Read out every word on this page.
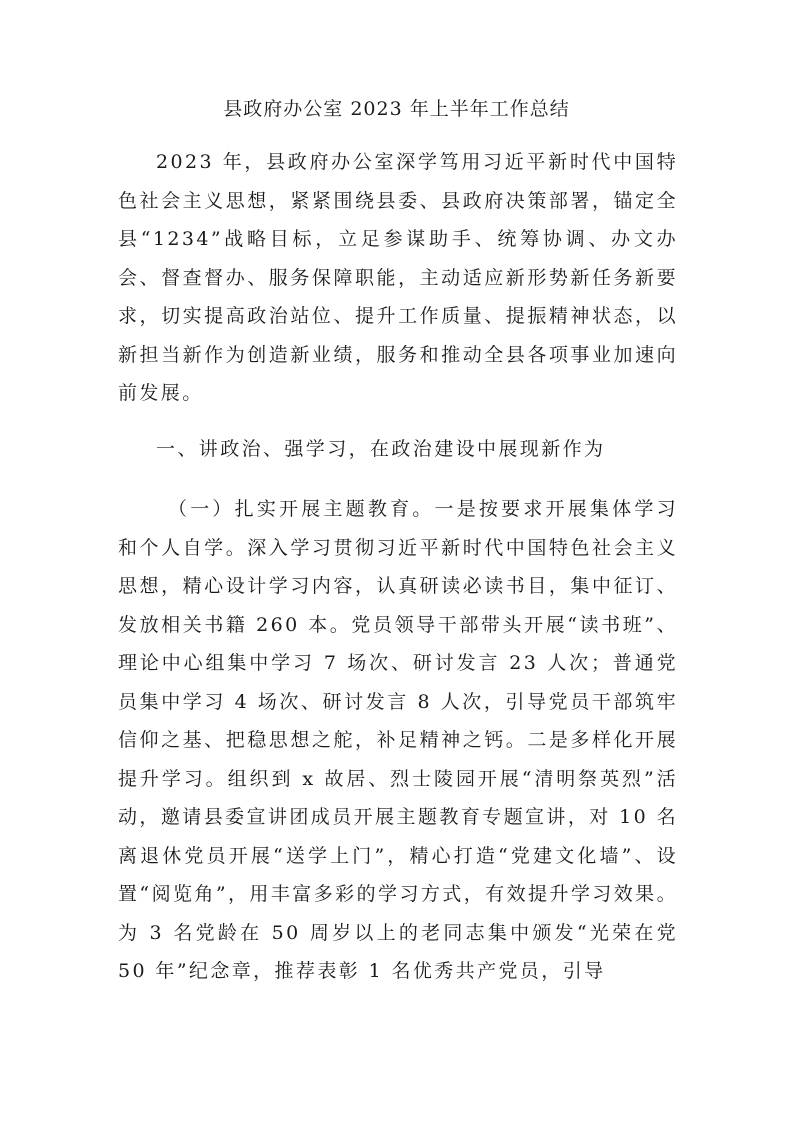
县政府办公室 2023 年上半年工作总结

2023 年，县政府办公室深学笃用习近平新时代中国特色社会主义思想，紧紧围绕县委、县政府决策部署，锚定全县“1234”战略目标，立足参谋助手、统筹协调、办文办会、督查督办、服务保障职能，主动适应新形势新任务新要求，切实提高政治站位、提升工作质量、提振精神状态，以新担当新作为创造新业绩，服务和推动全县各项事业加速向前发展。

一、讲政治、强学习，在政治建设中展现新作为

（一）扎实开展主题教育。一是按要求开展集体学习和个人自学。深入学习贯彻习近平新时代中国特色社会主义思想，精心设计学习内容，认真研读必读书目，集中征订、发放相关书籍 260 本。党员领导干部带头开展“读书班”、理论中心组集中学习 7 场次、研讨发言 23 人次；普通党员集中学习 4 场次、研讨发言 8 人次，引导党员干部筑牢信仰之基、把稳思想之舵，补足精神之钙。二是多样化开展提升学习。组织到 x 故居、烈士陵园开展“清明祭英烈”活动，邀请县委宣讲团成员开展主题教育专题宣讲，对 10 名离退休党员开展“送学上门”，精心打造“党建文化墙”、设置“阅览角”，用丰富多彩的学习方式，有效提升学习效果。为 3 名党龄在 50 周岁以上的老同志集中颁发“光荣在党 50 年”纪念章，推荐表彰 1 名优秀共产党员，引导
